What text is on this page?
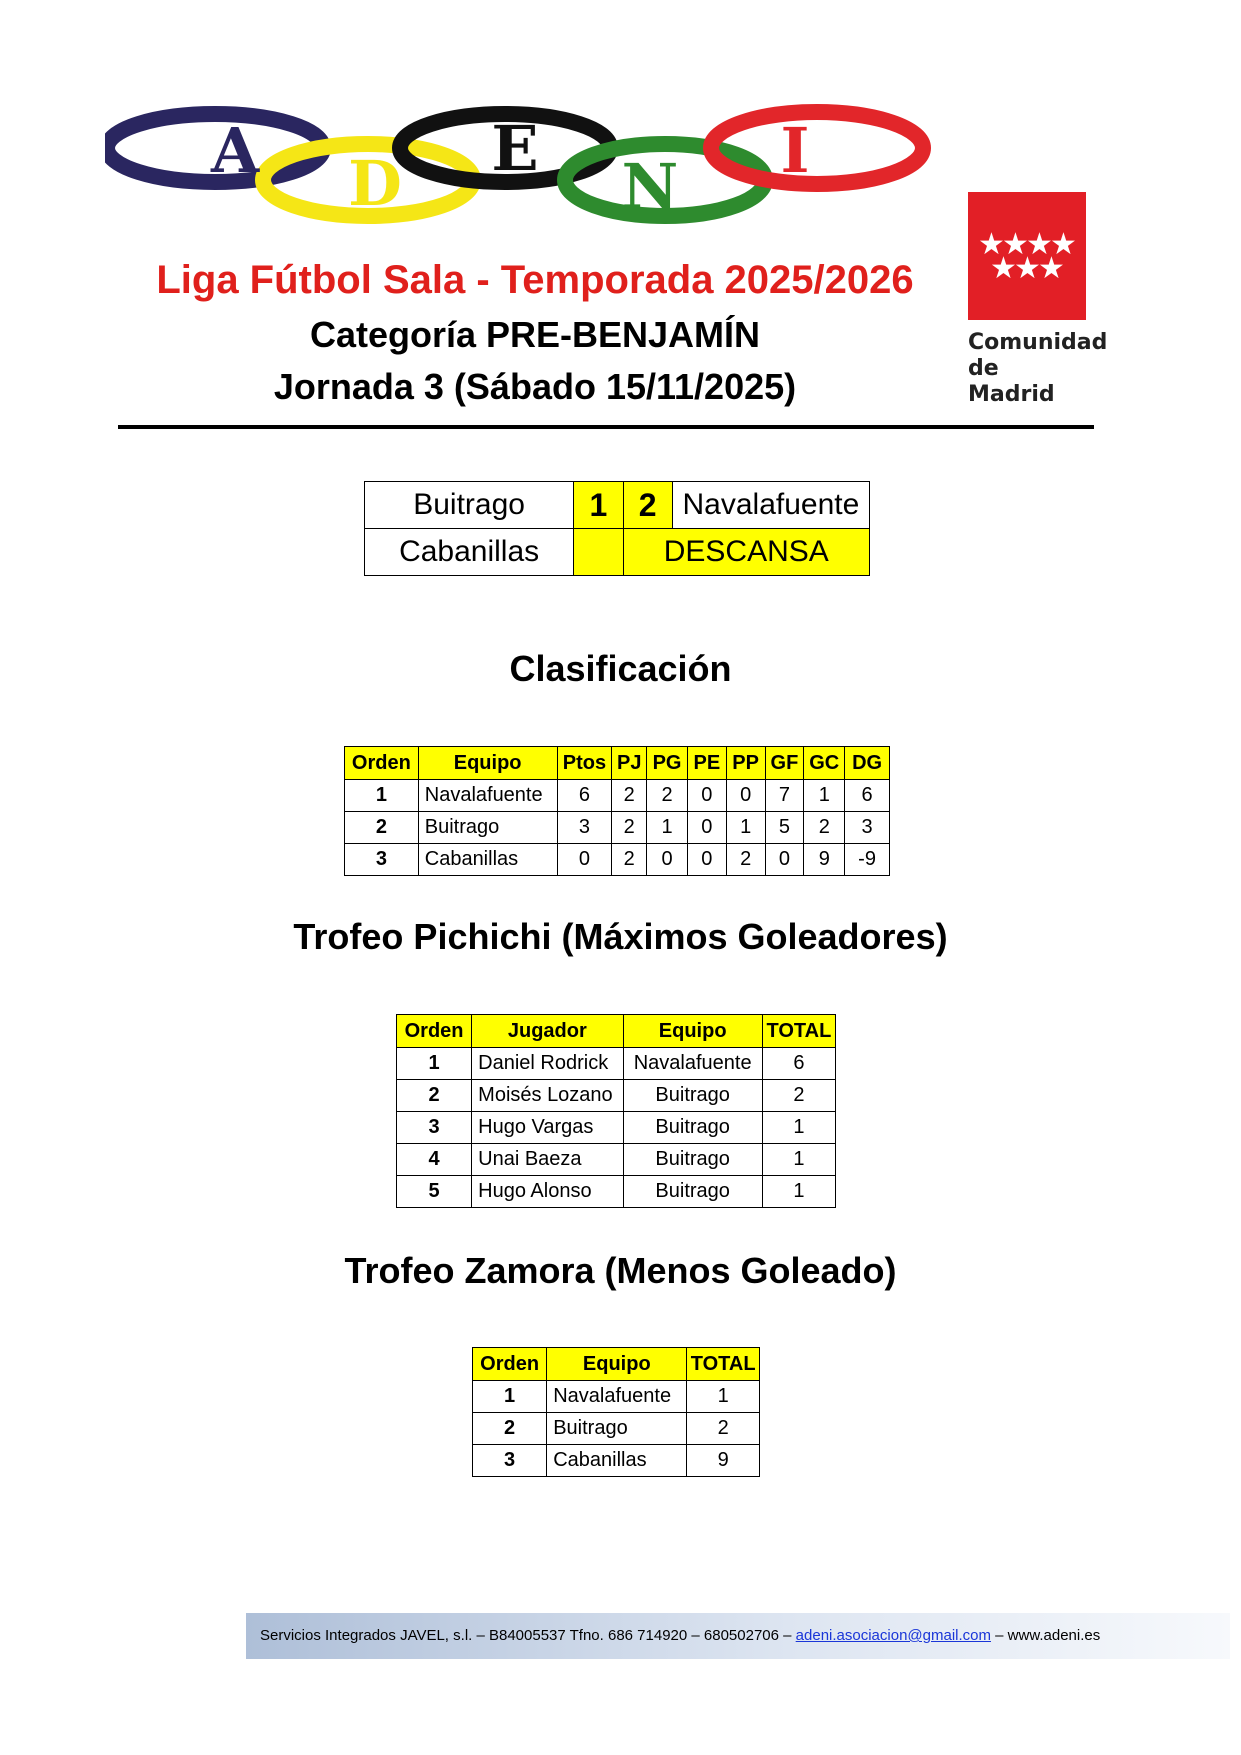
A D E
N I
Liga Fútbol Sala - Temporada 2025/2026
Categoría PRE-BENJAMÍN
Jornada 3 (Sábado 15/11/2025)
★
★
★
★
★
★
★
Comunidad
de Madrid
Buitrago	1	2	Navalafuente
Cabanillas		DESCANSA	
Clasificación
Orden	Equipo	Ptos	PJ	PG	PE	PP	GF	GC	DG
1	Navalafuente	6	2	2	0	0	7	1	6
2	Buitrago	3	2	1	0	1	5	2	3
3	Cabanillas	0	2	0	0	2	0	9	-9
Trofeo Pichichi (Máximos Goleadores)
Orden	Jugador	Equipo	TOTAL
1	Daniel Rodrick	Navalafuente	6
2	Moisés Lozano	Buitrago	2
3	Hugo Vargas	Buitrago	1
4	Unai Baeza	Buitrago	1
5	Hugo Alonso	Buitrago	1
Trofeo Zamora (Menos Goleado)
Orden	Equipo	TOTAL
1	Navalafuente	1
2	Buitrago	2
3	Cabanillas	9
Servicios Integrados JAVEL, s.l. – B84005537 Tfno. 686 714920 – 680502706 – adeni.asociacion@gmail.com – www.adeni.es
